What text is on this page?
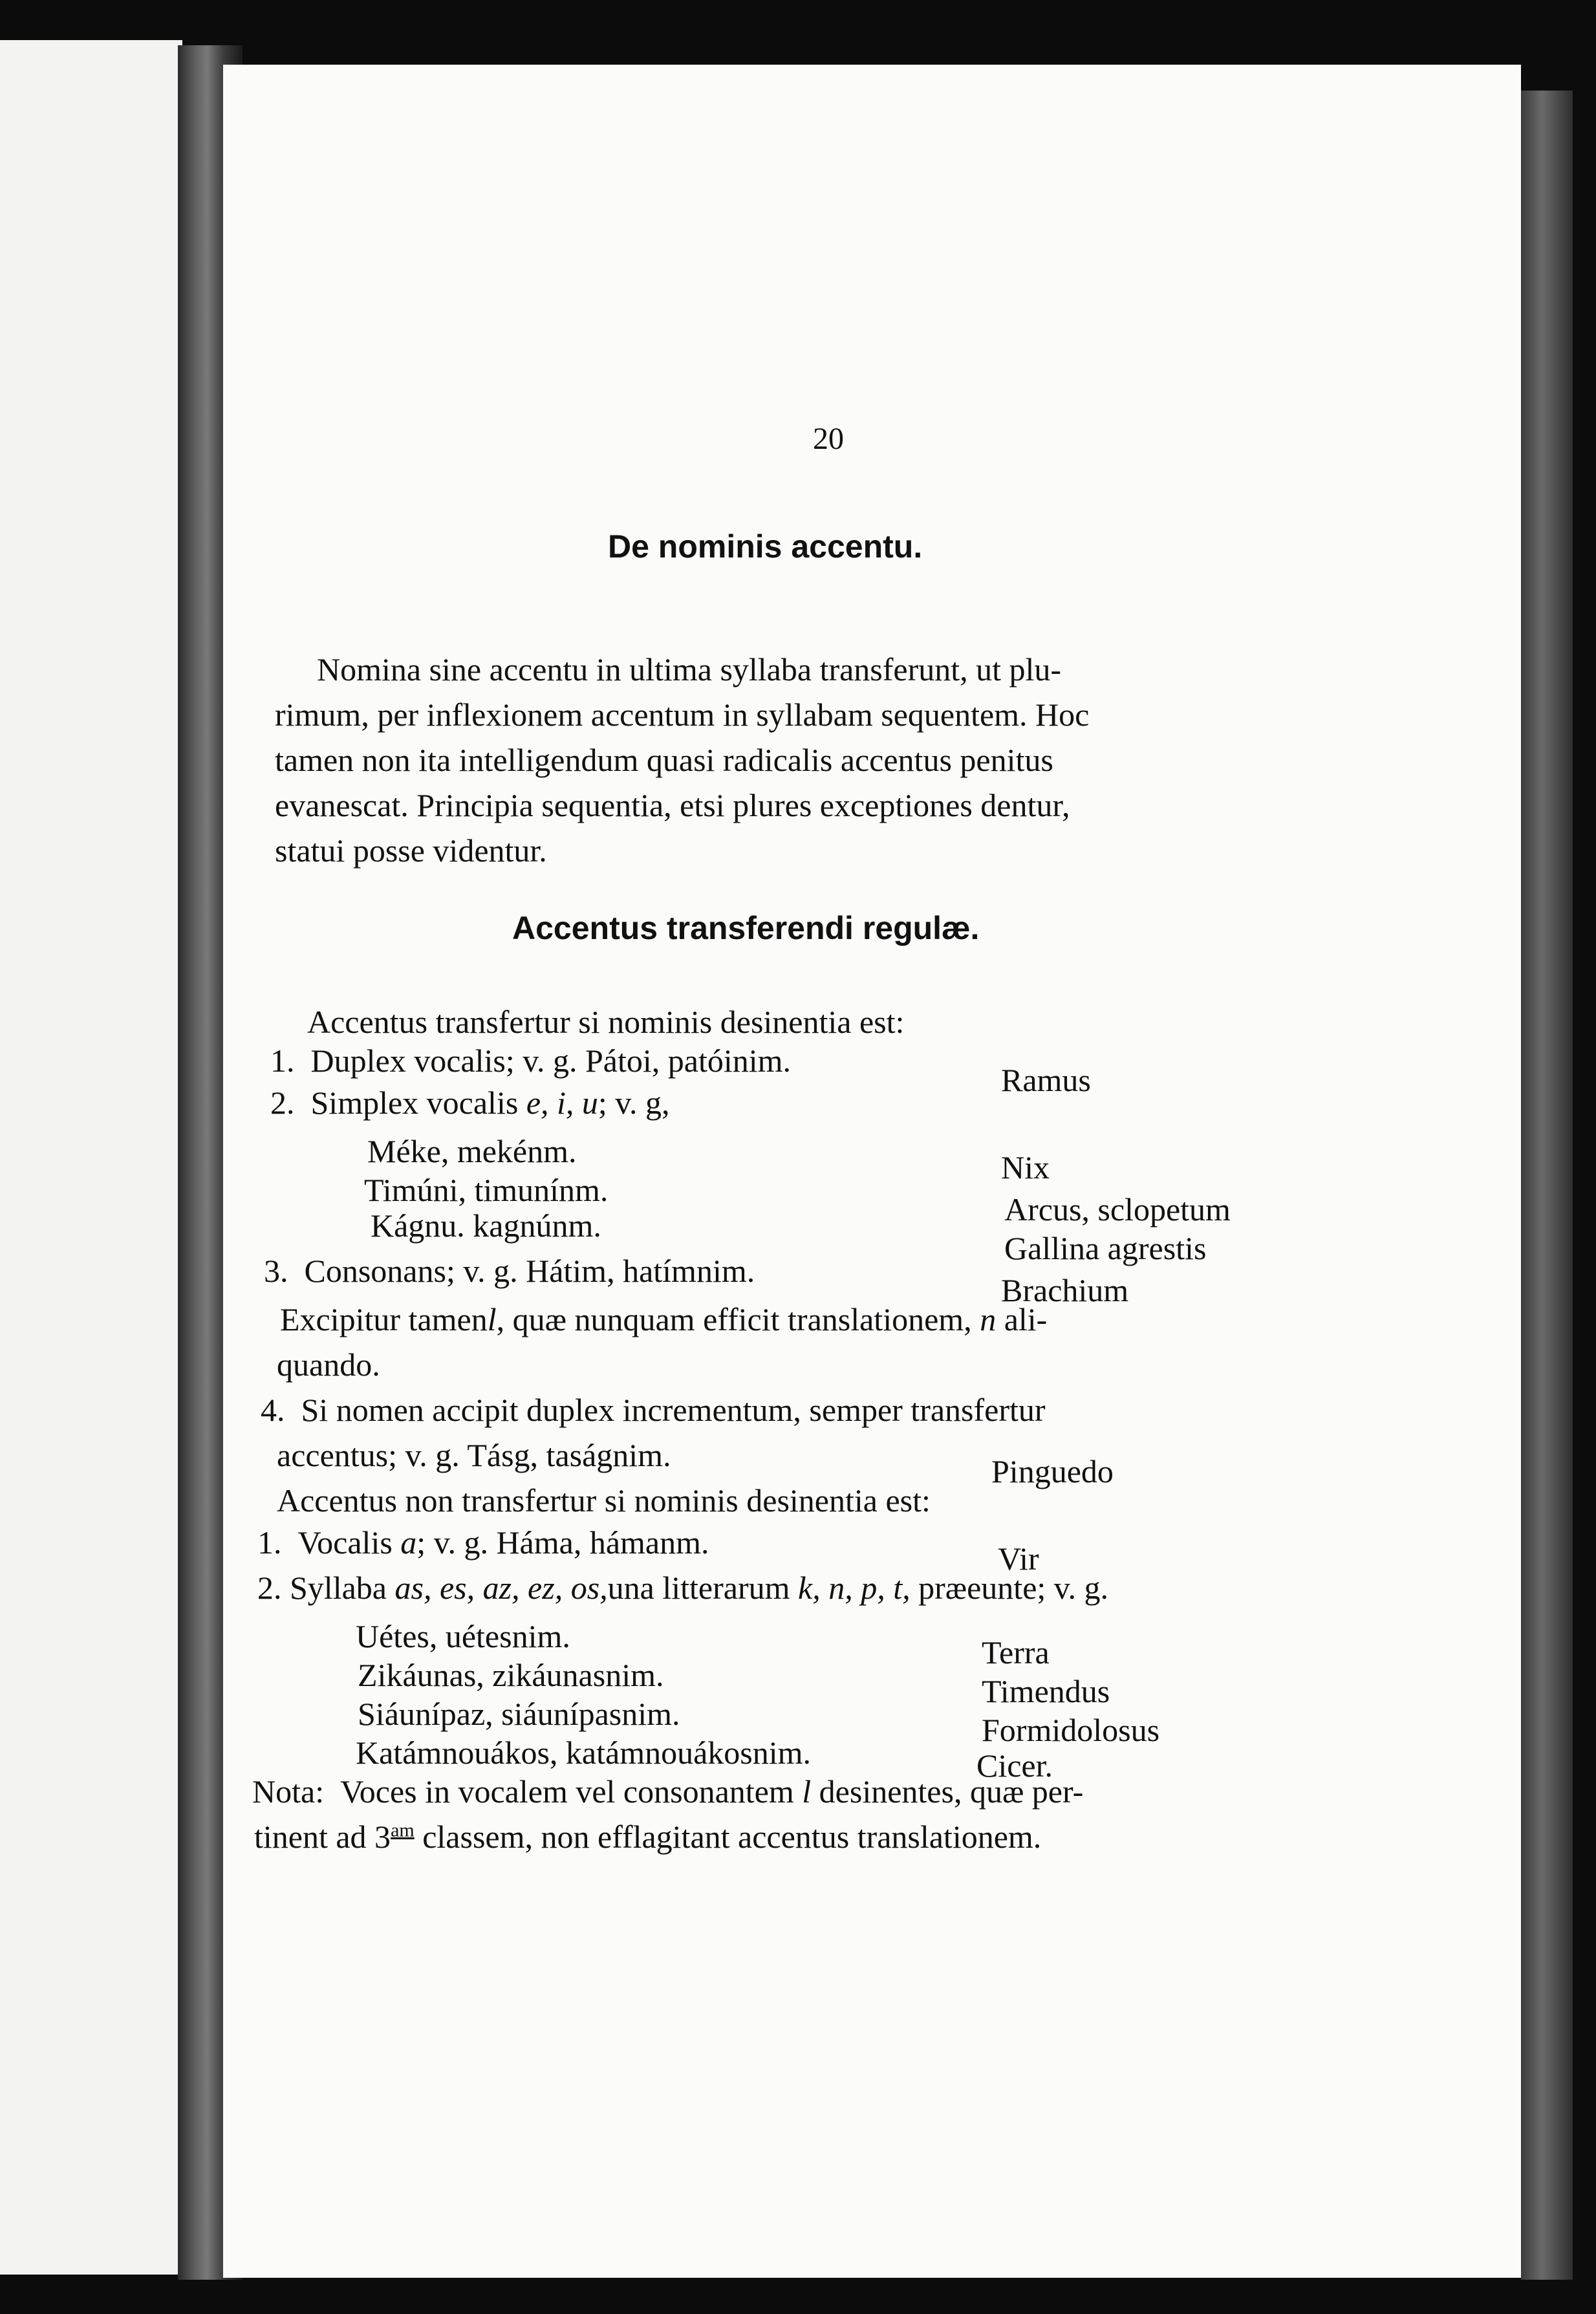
20
De nominis accentu.
Nomina sine accentu in ultima syllaba transferunt, ut plu-
rimum, per inflexionem accentum in syllabam sequentem. Hoc
tamen non ita intelligendum quasi radicalis accentus penitus
evanescat. Principia sequentia, etsi plures exceptiones dentur,
statui posse videntur.
Accentus transferendi regulæ.
Accentus transfertur si nominis desinentia est:
1. Duplex vocalis; v. g. Pátoi, patóinim.
Ramus
2. Simplex vocalis e, i, u; v. g,
Méke, mekénm.	Nix
Timúni, timunínm.
Arcus, sclopetum
Kágnu. kagnúnm.
Gallina agrestis
3. Consonans; v. g. Hátim, hatímnim.
Brachium
Excipitur tamenl, quæ nunquam efficit translationem, n ali-
quando.
4. Si nomen accipit duplex incrementum, semper transfertur
accentus; v. g. Tásg, taságnim.	Pinguedo
Accentus non transfertur si nominis desinentia est:
1. Vocalis a; v. g. Háma, hámanm.	Vir
2. Syllaba as, es, az, ez, os,una litterarum k, n, p, t, præeunte; v. g.
Uétes, uétesnim.	Terra
Zikáunas, zikáunasnim.	Timendus
Siáunípaz, siáunípasnim.	Formidolosus
Katámnouákos, katámnouákosnim.	Cicer.
Nota: Voces in vocalem vel consonantem l desinentes, quæ per-
tinent ad $3^{am}$ classem, non efflagitant accentus translationem.
